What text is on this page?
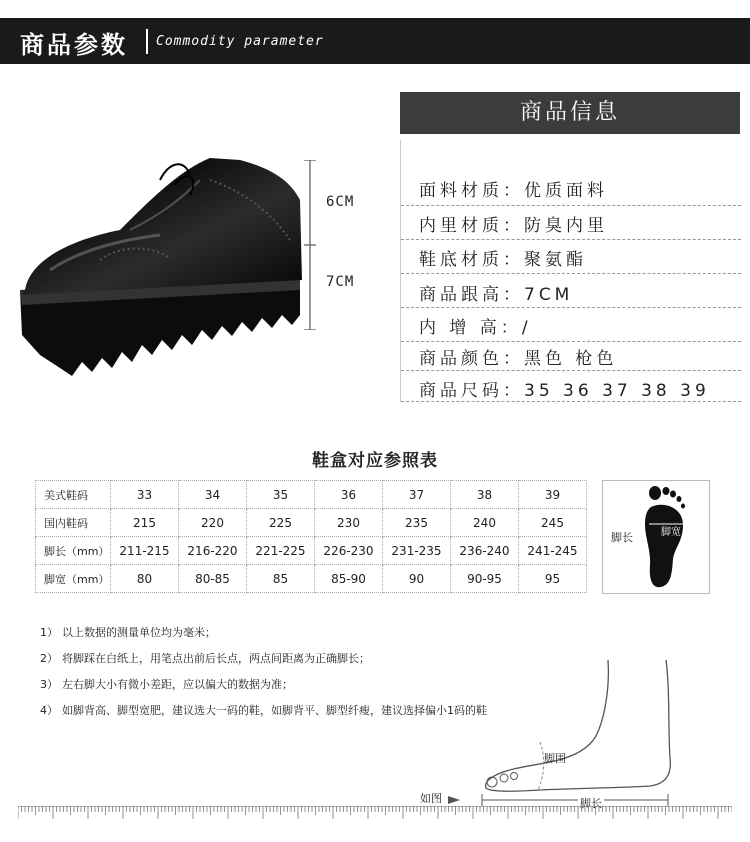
商品参数 Commodity parameter
6CM
7CM
商品信息
面料材质：优质面料
内里材质：防臭内里
鞋底材质：聚氨酯
商品跟高：7CM
内 增 高：/
商品颜色：黑色 枪色
商品尺码：35 36 37 38 39
鞋盒对应参照表
美式鞋码	33	34	35	36	37	38	39
国内鞋码	215	220	225	230	235	240	245
脚长（mm）	211-215	216-220	221-225	226-230	231-235	236-240	241-245
脚宽（mm）	80	80-85	85	85-90	90	90-95	95
脚长	脚宽
1） 以上数据的测量单位均为毫米；
2） 将脚踩在白纸上，用笔点出前后长点，两点间距离为正确脚长；
3） 左右脚大小有微小差距，应以偏大的数据为准；
4） 如脚背高、脚型宽肥，建议选大一码的鞋，如脚背平、脚型纤瘦，建议选择偏小1码的鞋
脚围
脚长
如图
